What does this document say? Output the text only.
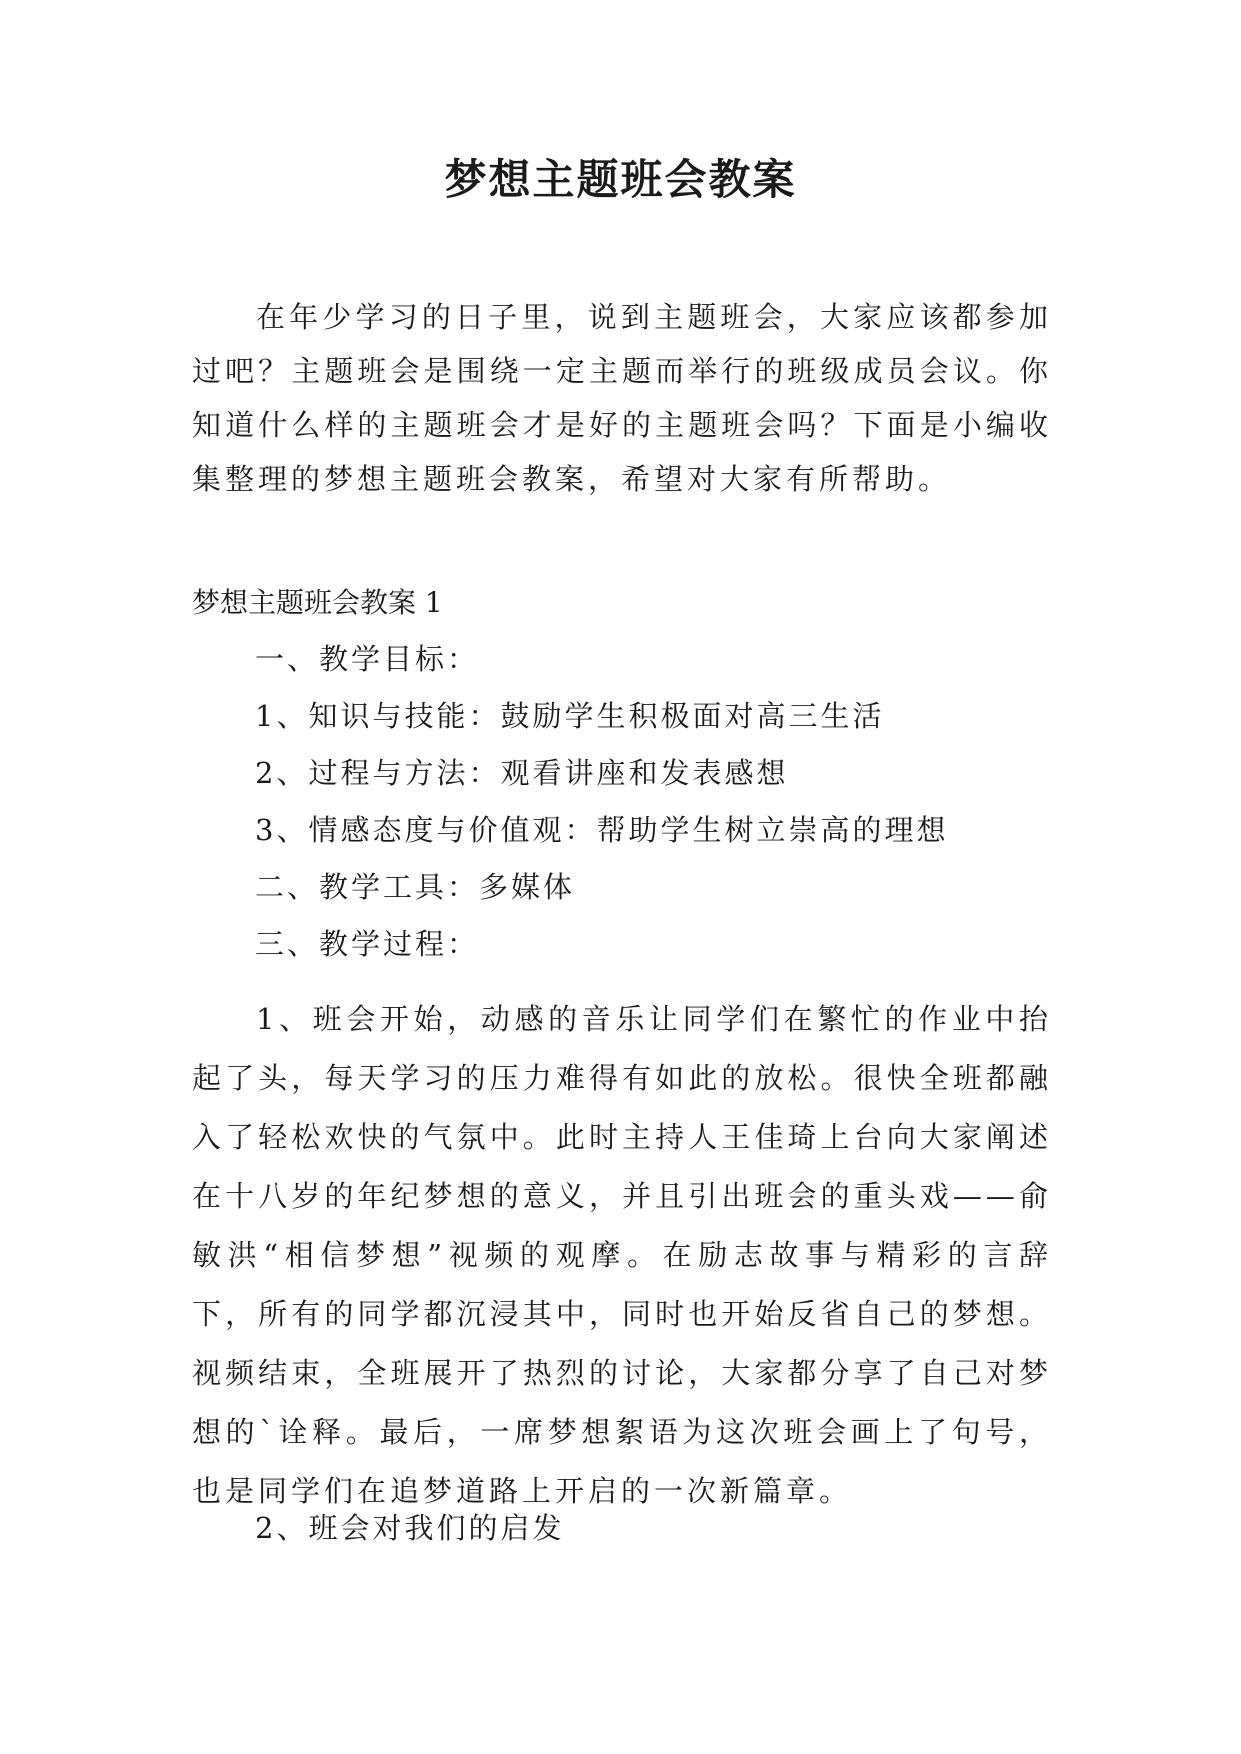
梦想主题班会教案

在年少学习的日子里，说到主题班会，大家应该都参加过吧？主题班会是围绕一定主题而举行的班级成员会议。你知道什么样的主题班会才是好的主题班会吗？下面是小编收集整理的梦想主题班会教案，希望对大家有所帮助。

梦想主题班会教案 1

一、教学目标：

1、知识与技能：鼓励学生积极面对高三生活

2、过程与方法：观看讲座和发表感想

3、情感态度与价值观：帮助学生树立崇高的理想

二、教学工具：多媒体

三、教学过程：

1、班会开始，动感的音乐让同学们在繁忙的作业中抬起了头，每天学习的压力难得有如此的放松。很快全班都融入了轻松欢快的气氛中。此时主持人王佳琦上台向大家阐述在十八岁的年纪梦想的意义，并且引出班会的重头戏——俞敏洪“相信梦想”视频的观摩。在励志故事与精彩的言辞下，所有的同学都沉浸其中，同时也开始反省自己的梦想。视频结束，全班展开了热烈的讨论，大家都分享了自己对梦想的`诠释。最后，一席梦想絮语为这次班会画上了句号，也是同学们在追梦道路上开启的一次新篇章。

2、班会对我们的启发
